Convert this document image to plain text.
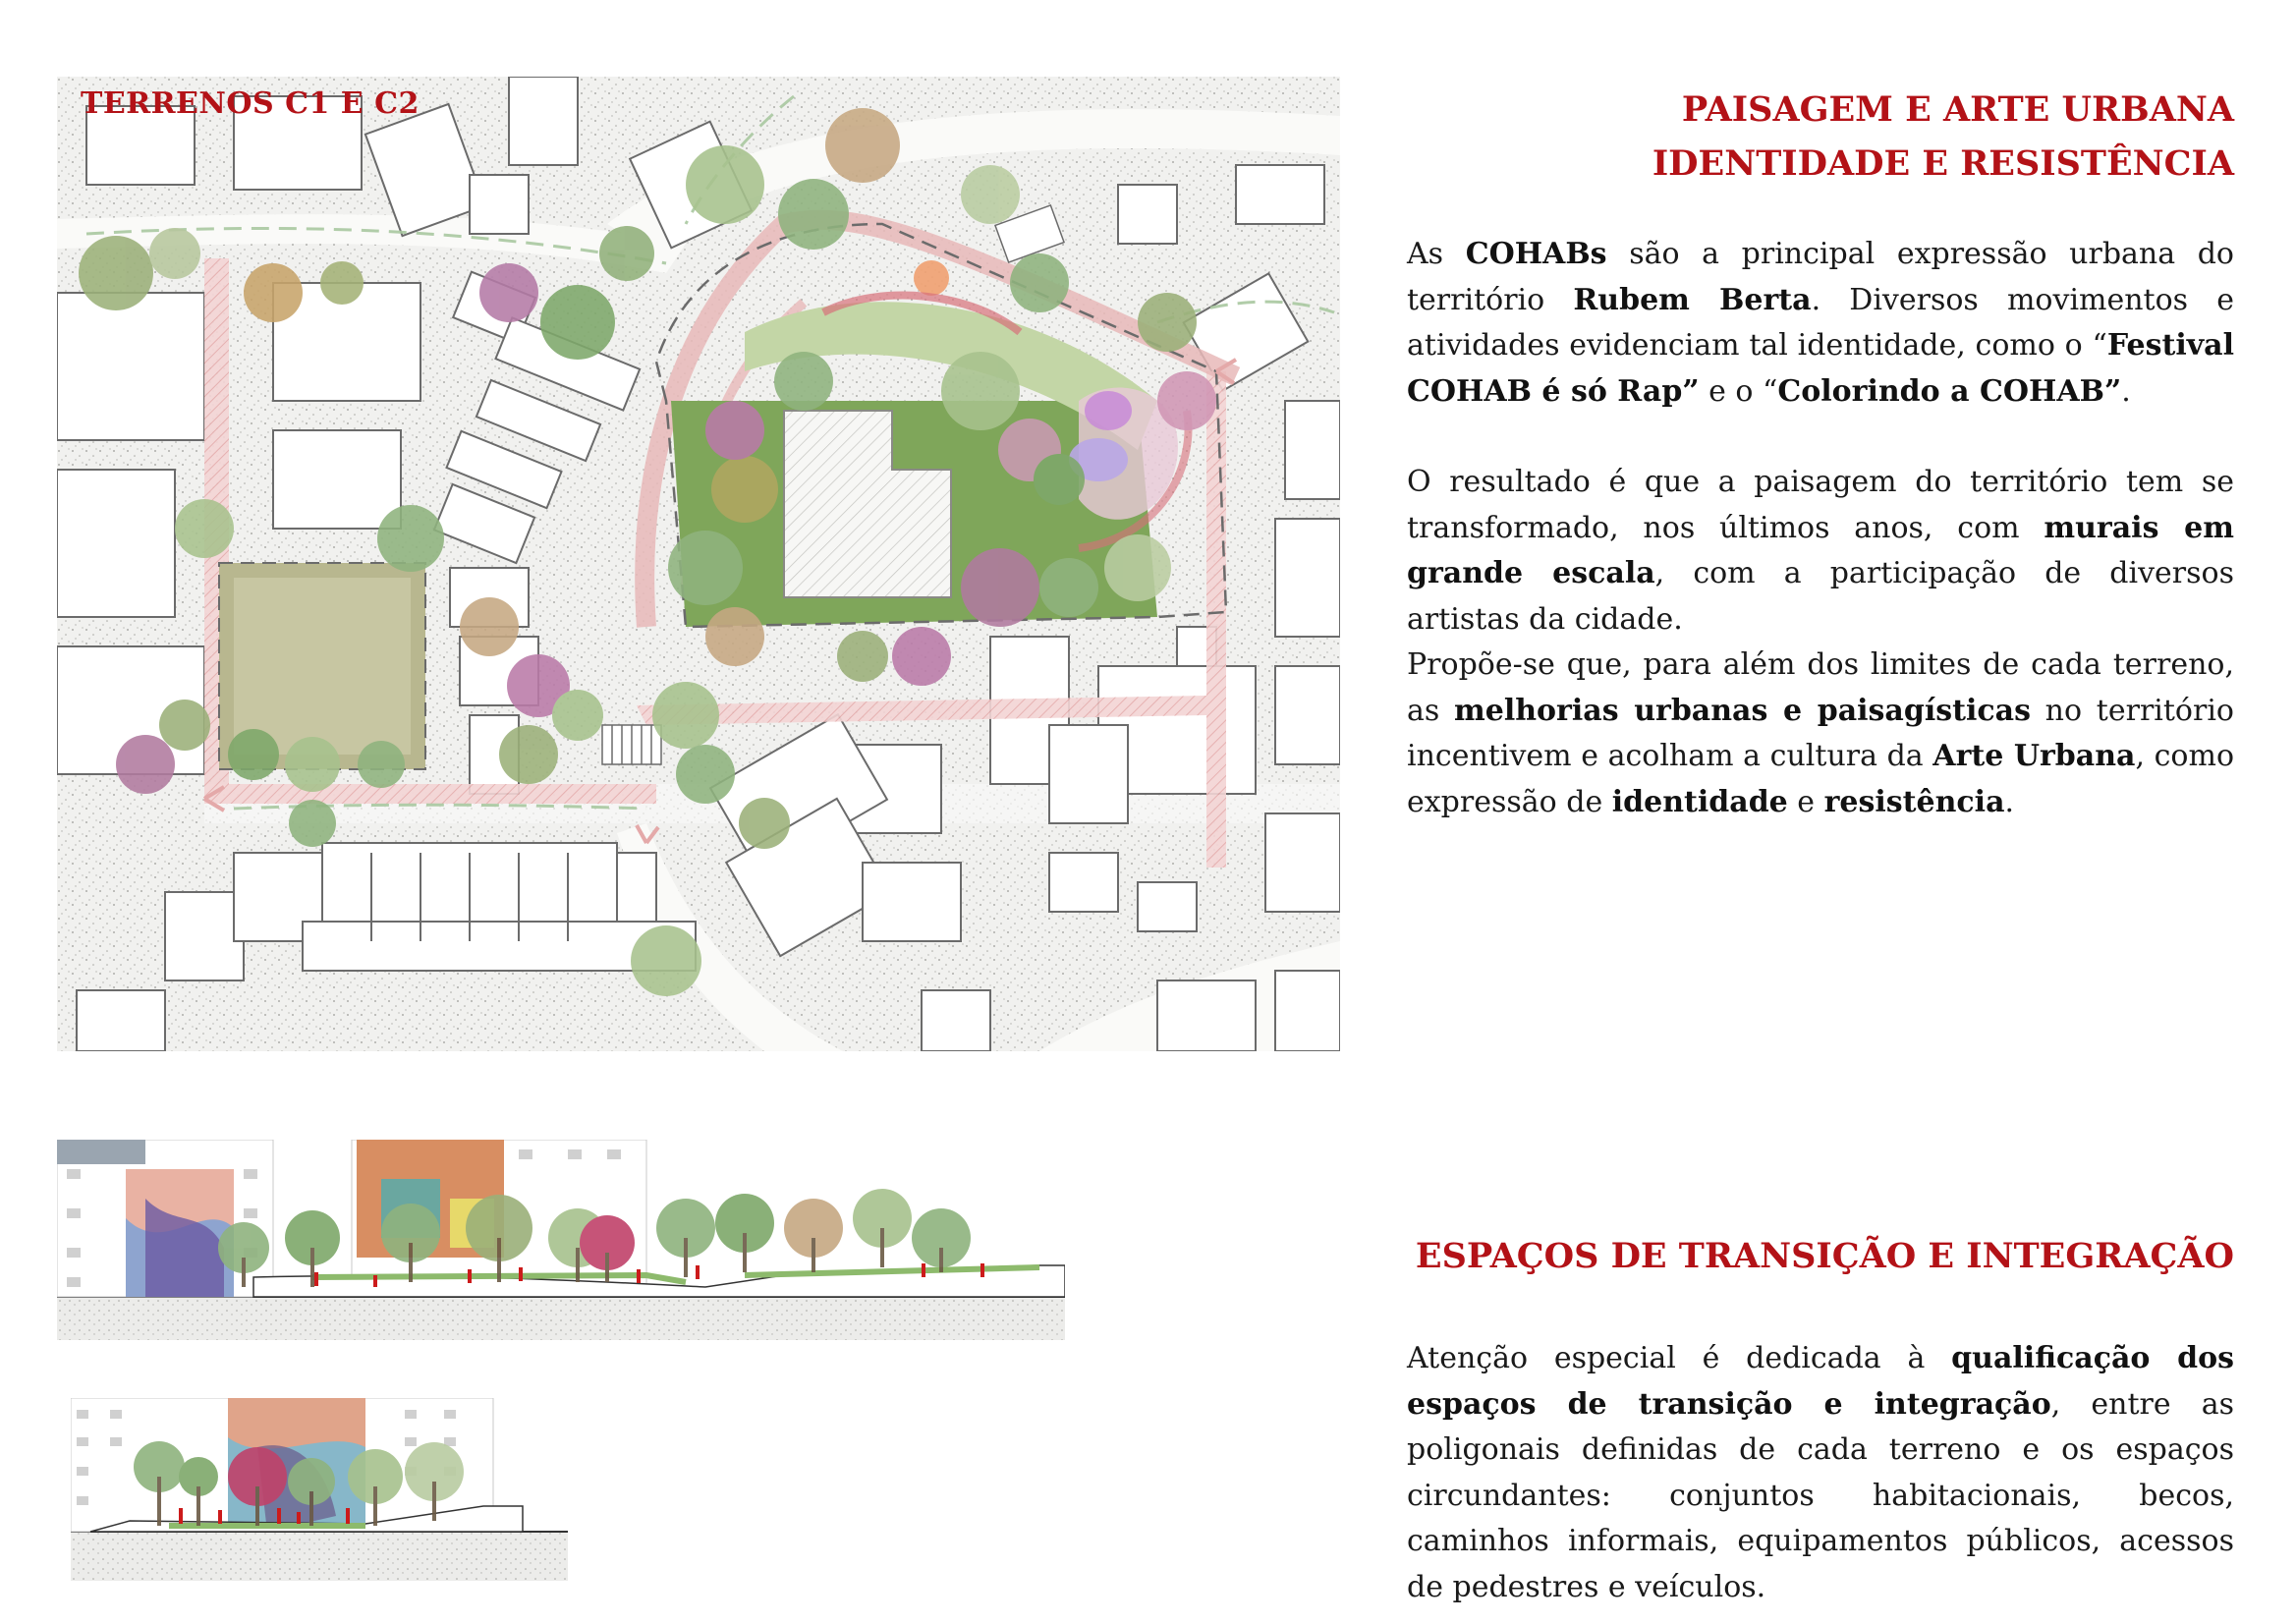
TERRENOS C1 E C2	PAISAGEM E ARTE URBANA
IDENTIDADE E RESISTÊNCIA

As COHABs são a principal expressão urbana do território Rubem Berta. Diversos movimentos e atividades evidenciam tal identidade, como o “Festival COHAB é só Rap” e o “Colorindo a COHAB”.

O resultado é que a paisagem do território tem se transformado, nos últimos anos, com murais em grande escala, com a participação de diversos artistas da cidade.

Propõe-se que, para além dos limites de cada terreno, as melhorias urbanas e paisagísticas no território incentivem e acolham a cultura da Arte Urbana, como expressão de identidade e resistência.

ESPAÇOS DE TRANSIÇÃO E INTEGRAÇÃO

Atenção especial é dedicada à qualificação dos espaços de transição e integração, entre as poligonais definidas de cada terreno e os espaços circundantes: conjuntos habitacionais, becos, caminhos informais, equipamentos públicos, acessos de pedestres e veículos.
